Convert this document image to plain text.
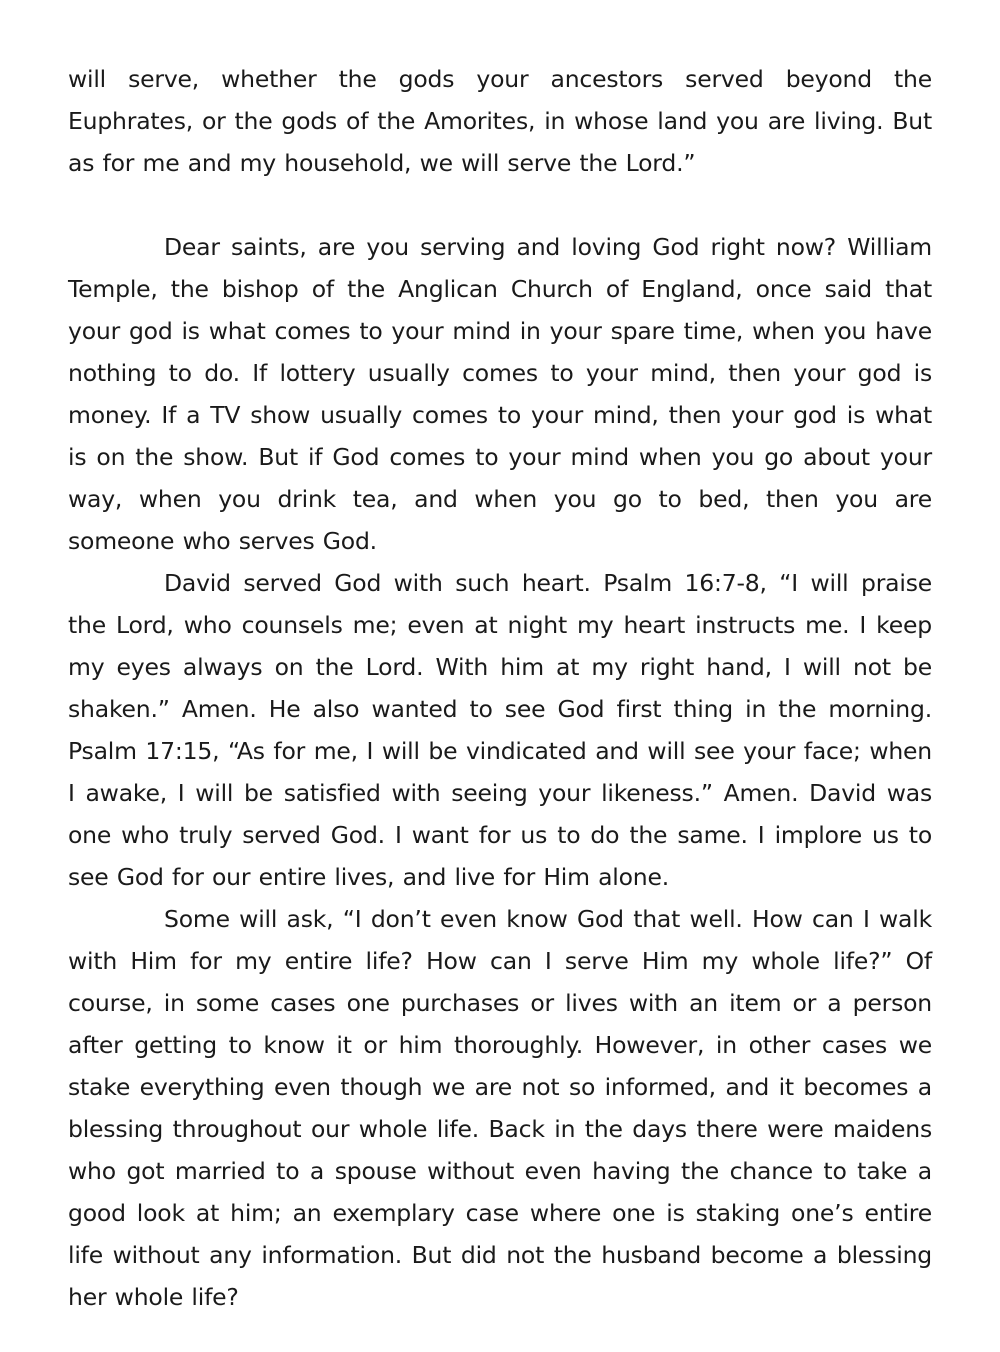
will serve, whether the gods your ancestors served beyond the Euphrates, or the gods of the Amorites, in whose land you are living. But as for me and my household, we will serve the Lord.”

Dear saints, are you serving and loving God right now? William Temple, the bishop of the Anglican Church of England, once said that your god is what comes to your mind in your spare time, when you have nothing to do. If lottery usually comes to your mind, then your god is money. If a TV show usually comes to your mind, then your god is what is on the show. But if God comes to your mind when you go about your way, when you drink tea, and when you go to bed, then you are someone who serves God.

David served God with such heart. Psalm 16:7-8, “I will praise the Lord, who counsels me; even at night my heart instructs me. I keep my eyes always on the Lord. With him at my right hand, I will not be shaken.” Amen. He also wanted to see God first thing in the morning. Psalm 17:15, “As for me, I will be vindicated and will see your face; when I awake, I will be satisfied with seeing your likeness.” Amen. David was one who truly served God. I want for us to do the same. I implore us to see God for our entire lives, and live for Him alone.

Some will ask, “I don’t even know God that well. How can I walk with Him for my entire life? How can I serve Him my whole life?” Of course, in some cases one purchases or lives with an item or a person after getting to know it or him thoroughly. However, in other cases we stake everything even though we are not so informed, and it becomes a blessing throughout our whole life. Back in the days there were maidens who got married to a spouse without even having the chance to take a good look at him; an exemplary case where one is staking one’s entire life without any information. But did not the husband become a blessing her whole life?
